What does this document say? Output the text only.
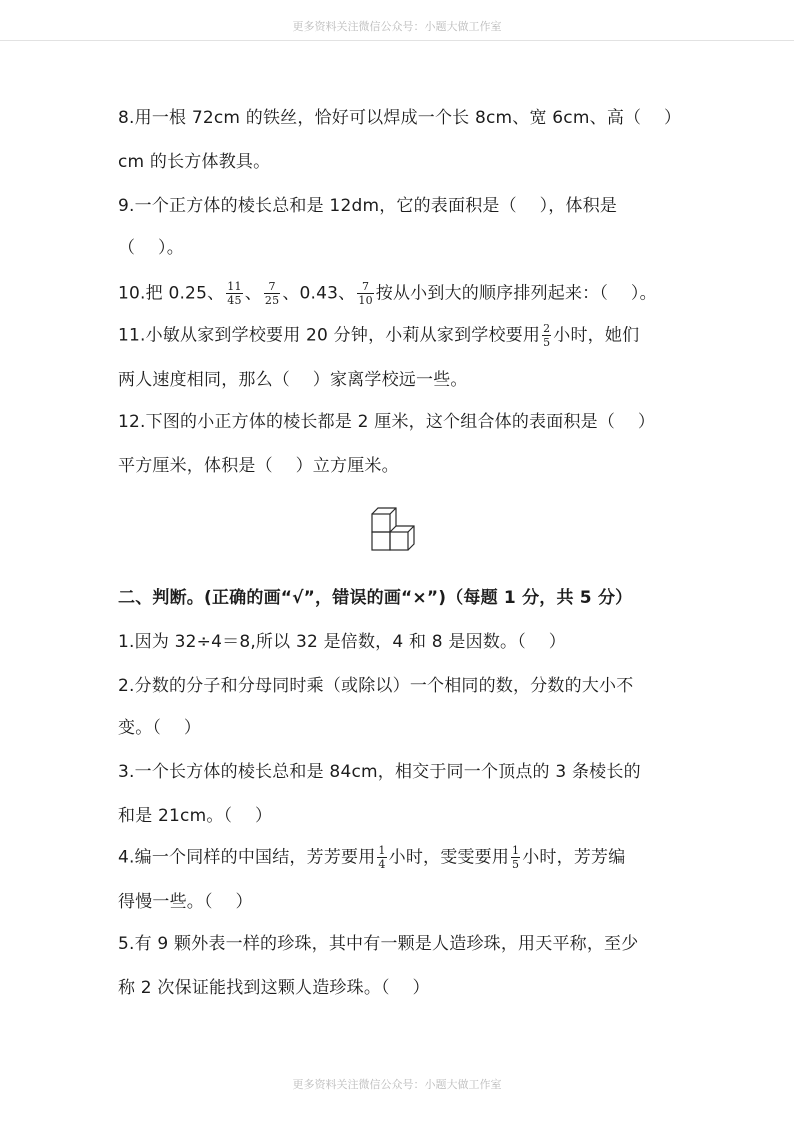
更多资料关注微信公众号：小题大做工作室
8.用一根 72cm 的铁丝，恰好可以焊成一个长 8cm、宽 6cm、高（　 ）
cm 的长方体教具。
9.一个正方体的棱长总和是 12dm，它的表面积是（　 ），体积是
（　 ）。
10.把 0.25、 $\frac{11}{45}$ 、 $\frac{7}{25}$ 、0.43、 $\frac{7}{10}$ 按从小到大的顺序排列起来：（　 ）。
11.小敏从家到学校要用 20 分钟，小莉从家到学校要用 $\frac{2}{5}$ 小时，她们
两人速度相同，那么（　 ）家离学校远一些。
12.下图的小正方体的棱长都是 2 厘米，这个组合体的表面积是（　 ）
平方厘米，体积是（　 ）立方厘米。
二、判断。(正确的画“√”，错误的画“×”)（每题 1 分，共 5 分）
1.因为 32÷4＝8,所以 32 是倍数，4 和 8 是因数。（　 ）
2.分数的分子和分母同时乘（或除以）一个相同的数，分数的大小不
变。（　 ）
3.一个长方体的棱长总和是 84cm，相交于同一个顶点的 3 条棱长的
和是 21cm。（　 ）
4.编一个同样的中国结，芳芳要用 $\frac{1}{4}$ 小时，雯雯要用 $\frac{1}{5}$ 小时，芳芳编
得慢一些。（　 ）
5.有 9 颗外表一样的珍珠，其中有一颗是人造珍珠，用天平称，至少
称 2 次保证能找到这颗人造珍珠。（　 ）
更多资料关注微信公众号：小题大做工作室
